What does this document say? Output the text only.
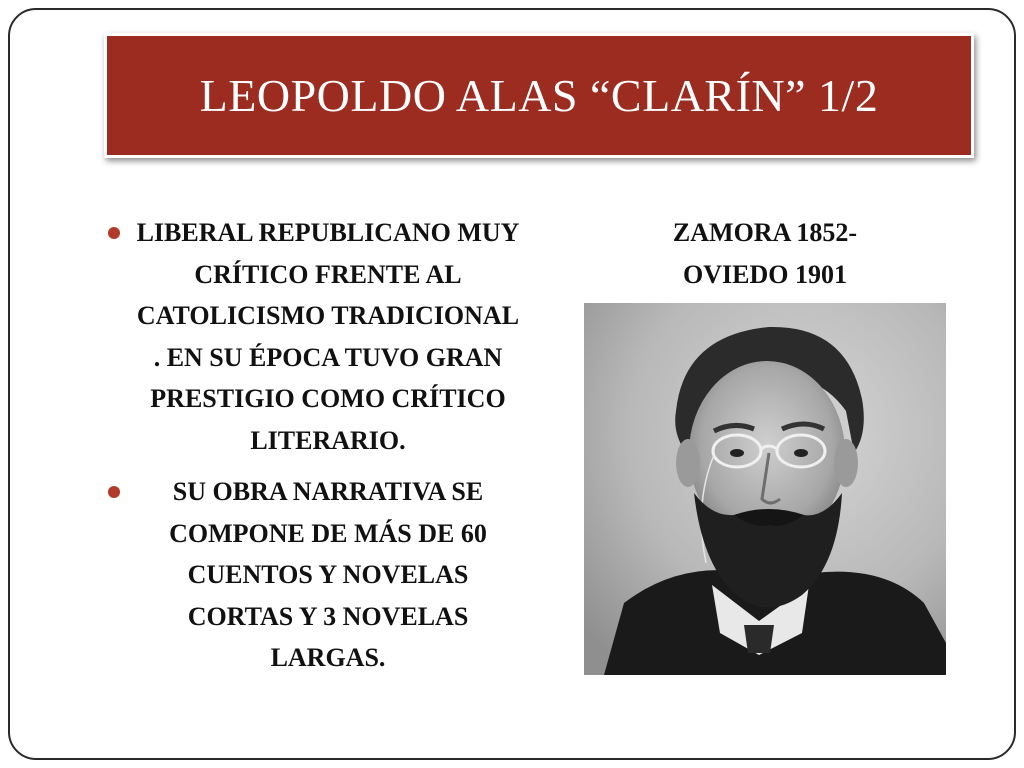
LEOPOLDO ALAS “CLARÍN” 1/2
LIBERAL REPUBLICANO MUY CRÍTICO FRENTE AL CATOLICISMO TRADICIONAL . EN SU ÉPOCA TUVO GRAN PRESTIGIO COMO CRÍTICO LITERARIO.
SU OBRA NARRATIVA SE COMPONE DE MÁS DE 60 CUENTOS Y NOVELAS CORTAS Y 3 NOVELAS LARGAS.
ZAMORA 1852-
OVIEDO 1901
